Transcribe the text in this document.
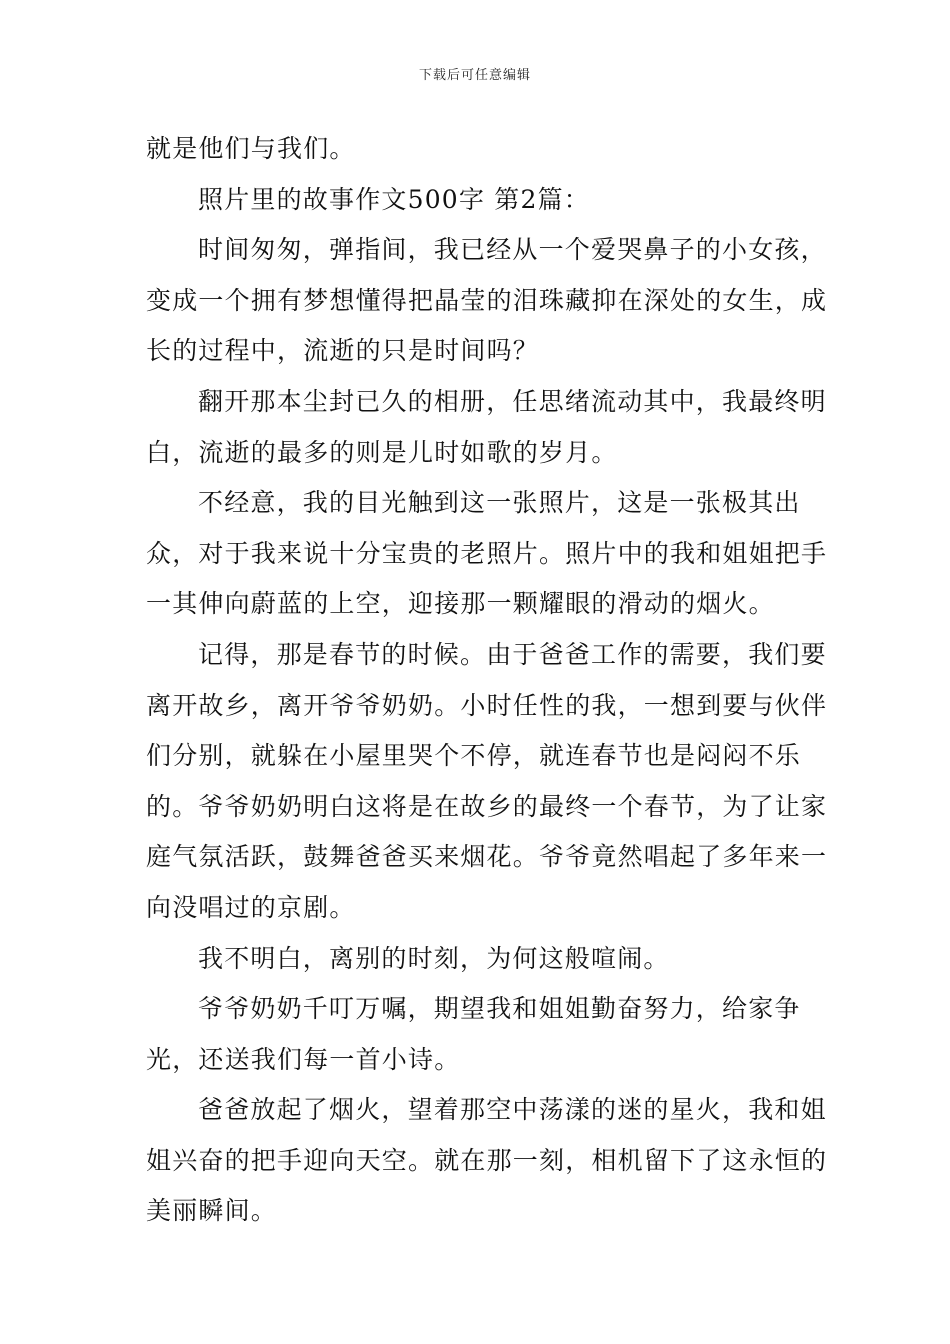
下载后可任意编辑

就是他们与我们。

照片里的故事作文500字 第2篇：

时间匆匆，弹指间，我已经从一个爱哭鼻子的小女孩，变成一个拥有梦想懂得把晶莹的泪珠藏抑在深处的女生，成长的过程中，流逝的只是时间吗？

翻开那本尘封已久的相册，任思绪流动其中，我最终明白，流逝的最多的则是儿时如歌的岁月。

不经意，我的目光触到这一张照片，这是一张极其出众，对于我来说十分宝贵的老照片。照片中的我和姐姐把手一其伸向蔚蓝的上空，迎接那一颗耀眼的滑动的烟火。

记得，那是春节的时候。由于爸爸工作的需要，我们要离开故乡，离开爷爷奶奶。小时任性的我，一想到要与伙伴们分别，就躲在小屋里哭个不停，就连春节也是闷闷不乐的。爷爷奶奶明白这将是在故乡的最终一个春节，为了让家庭气氛活跃，鼓舞爸爸买来烟花。爷爷竟然唱起了多年来一向没唱过的京剧。

我不明白，离别的时刻，为何这般喧闹。

爷爷奶奶千叮万嘱，期望我和姐姐勤奋努力，给家争光，还送我们每一首小诗。

爸爸放起了烟火，望着那空中荡漾的迷的星火，我和姐姐兴奋的把手迎向天空。就在那一刻，相机留下了这永恒的美丽瞬间。
